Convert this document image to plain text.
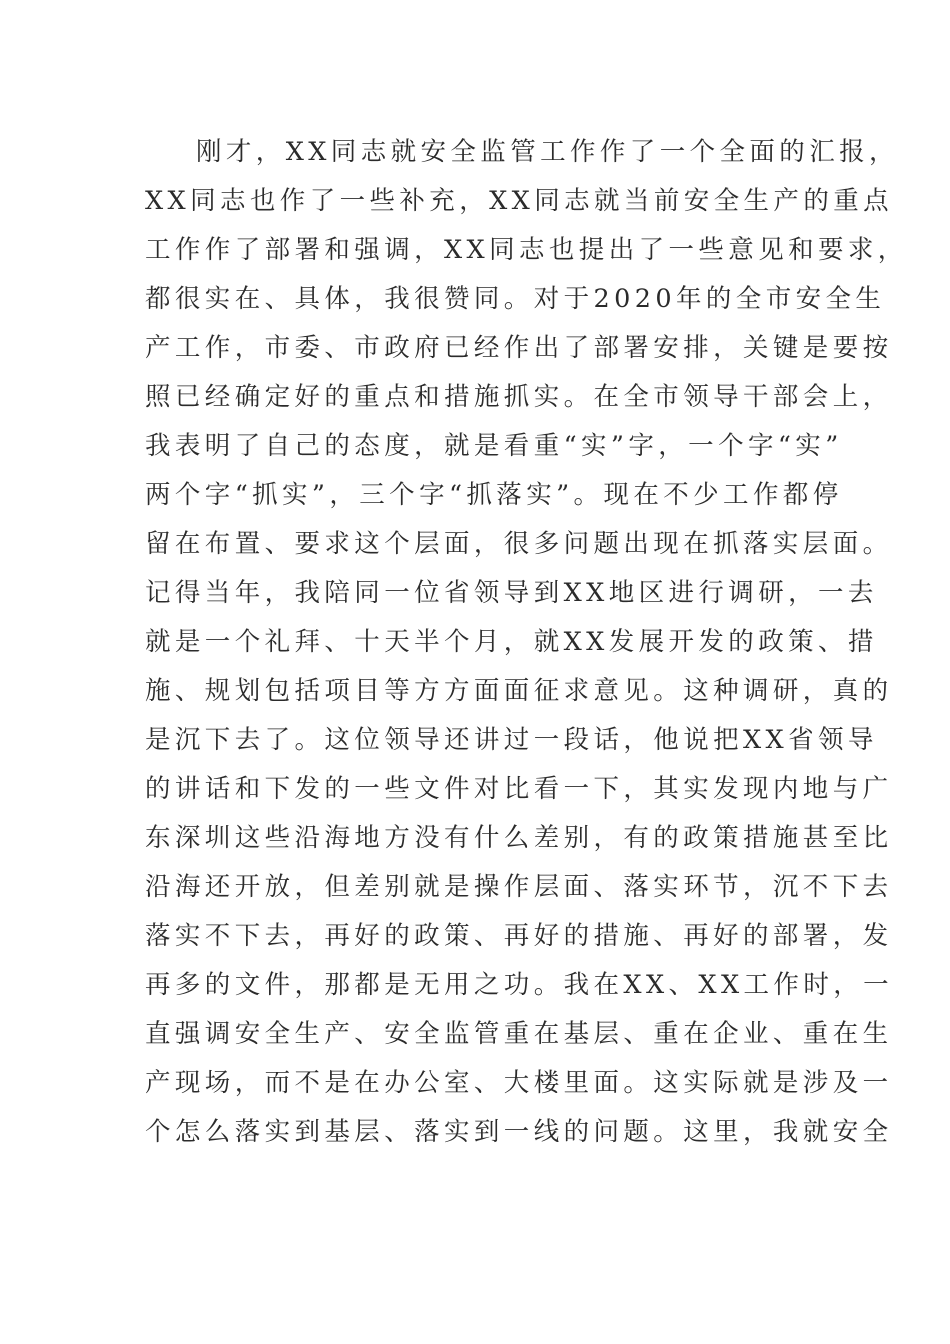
刚才，XX同志就安全监管工作作了一个全面的汇报，
XX同志也作了一些补充，XX同志就当前安全生产的重点
工作作了部署和强调，XX同志也提出了一些意见和要求，
都很实在、具体，我很赞同。对于2020年的全市安全生
产工作，市委、市政府已经作出了部署安排，关键是要按
照已经确定好的重点和措施抓实。在全市领导干部会上，
我表明了自己的态度，就是看重“实”字，一个字“实”
两个字“抓实”，三个字“抓落实”。现在不少工作都停
留在布置、要求这个层面，很多问题出现在抓落实层面。
记得当年，我陪同一位省领导到XX地区进行调研，一去
就是一个礼拜、十天半个月，就XX发展开发的政策、措
施、规划包括项目等方方面面征求意见。这种调研，真的
是沉下去了。这位领导还讲过一段话，他说把XX省领导
的讲话和下发的一些文件对比看一下，其实发现内地与广
东深圳这些沿海地方没有什么差别，有的政策措施甚至比
沿海还开放，但差别就是操作层面、落实环节，沉不下去
落实不下去，再好的政策、再好的措施、再好的部署，发
再多的文件，那都是无用之功。我在XX、XX工作时，一
直强调安全生产、安全监管重在基层、重在企业、重在生
产现场，而不是在办公室、大楼里面。这实际就是涉及一
个怎么落实到基层、落实到一线的问题。这里，我就安全
